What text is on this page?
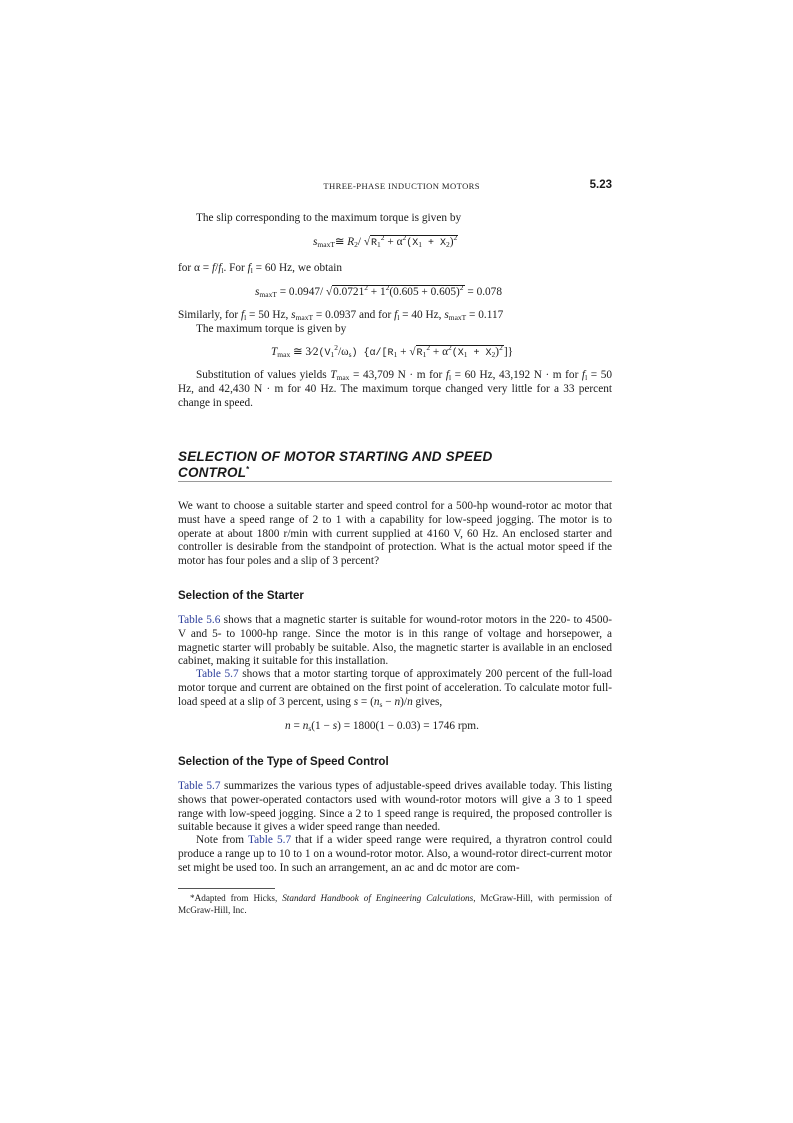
THREE-PHASE INDUCTION MOTORS	5.23
The slip corresponding to the maximum torque is given by
$s_{maxT}≅$ $R_2/$ $√R_1^2 + \alpha^2(X_1 + X_2)^2$
for $\alpha = f/f_l$. For $f_l = 60$ Hz, we obtain
$s_{maxT} = 0.0947/$ $√0.0721^2 + 1^2(0.605 + 0.605)^2 = 0.078$
Similarly, for $f_l = 50$ Hz, $s_{maxT} = 0.0937$ and for $f_l = 40$ Hz, $s_{maxT} = 0.117$
The maximum torque is given by
$T_{max}$ ≅ $3⁄2(V_1^2/\omega_s) \{\alpha/[R_1 + √R_1^2 + \alpha^2(X_1 + X_2)^2]\}$
Substitution of values yields $T_{max} = 43,709$ N · m for $f_l = 60$ Hz, 43,192 N · m for $f_l = 50$ Hz, and 42,430 N · m for 40 Hz. The maximum torque changed very little for a 33 percent change in speed.
SELECTION OF MOTOR STARTING AND SPEED
CONTROL*
We want to choose a suitable starter and speed control for a 500-hp wound-rotor ac motor that must have a speed range of 2 to 1 with a capability for low-speed jogging. The motor is to operate at about 1800 r/min with current supplied at 4160 V, 60 Hz. An enclosed starter and controller is desirable from the standpoint of protection. What is the actual motor speed if the motor has four poles and a slip of 3 percent?
Selection of the Starter
Table 5.6 shows that a magnetic starter is suitable for wound-rotor motors in the 220- to 4500-V and 5- to 1000-hp range. Since the motor is in this range of voltage and horsepower, a magnetic starter will probably be suitable. Also, the magnetic starter is available in an enclosed cabinet, making it suitable for this installation.
Table 5.7 shows that a motor starting torque of approximately 200 percent of the full-load motor torque and current are obtained on the first point of acceleration. To calculate motor full-load speed at a slip of 3 percent, using $s = (n_s - n)/n$ gives,
$n = n_s(1 - s) = 1800(1 - 0.03) = 1746$ rpm.
Selection of the Type of Speed Control
Table 5.7 summarizes the various types of adjustable-speed drives available today. This listing shows that power-operated contactors used with wound-rotor motors will give a 3 to 1 speed range with low-speed jogging. Since a 2 to 1 speed range is required, the proposed controller is suitable because it gives a wider speed range than needed.
Note from Table 5.7 that if a wider speed range were required, a thyratron control could produce a range up to 10 to 1 on a wound-rotor motor. Also, a wound-rotor direct-current motor set might be used too. In such an arrangement, an ac and dc motor are com-
*Adapted from Hicks, Standard Handbook of Engineering Calculations, McGraw-Hill, with permission of McGraw-Hill, Inc.
